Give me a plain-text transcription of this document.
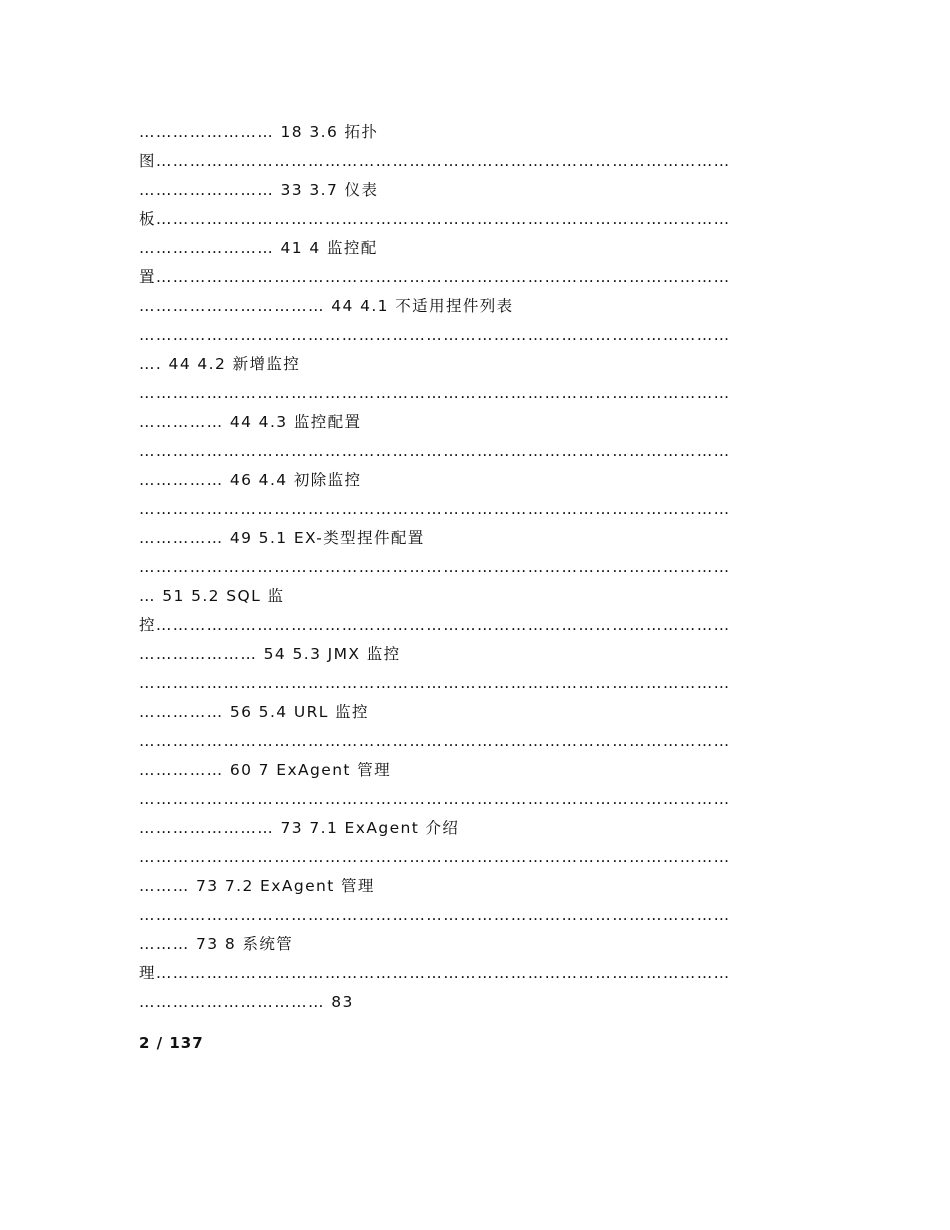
…………………… 18 3.6 拓扑
图…………………………………………………………………………………………
…………………… 33 3.7 仪表
板…………………………………………………………………………………………
…………………… 41 4 监控配
置…………………………………………………………………………………………
…………………………… 44 4.1 不适用捏件列表
……………………………………………………………………………………………
…. 44 4.2 新增监控
……………………………………………………………………………………………
…………… 44 4.3 监控配置
……………………………………………………………………………………………
…………… 46 4.4 初除监控
……………………………………………………………………………………………
…………… 49 5.1 EX-类型捏件配置
……………………………………………………………………………………………
… 51 5.2 SQL 监
控…………………………………………………………………………………………
………………… 54 5.3 JMX 监控
……………………………………………………………………………………………
…………… 56 5.4 URL 监控
……………………………………………………………………………………………
…………… 60 7 ExAgent 管理
……………………………………………………………………………………………
…………………… 73 7.1 ExAgent 介绍
……………………………………………………………………………………………
……… 73 7.2 ExAgent 管理
……………………………………………………………………………………………
……… 73 8 系统管
理…………………………………………………………………………………………
…………………………… 83
2 / 137
